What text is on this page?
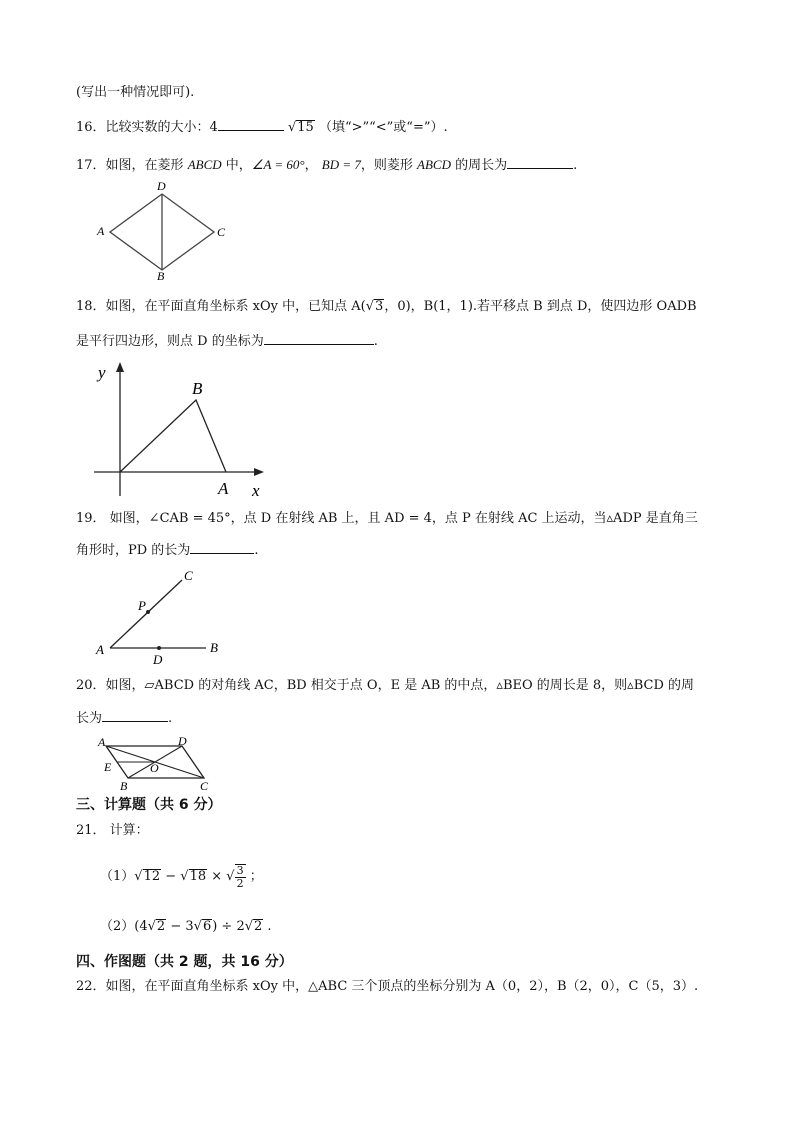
(写出一种情况即可).
16．比较实数的大小：4	√15 （填“>”“<”或“=”）.
17．如图，在菱形 ABCD 中，∠A = 60°， BD = 7，则菱形 ABCD 的周长为	.
A
D
C
B
18．如图，在平面直角坐标系 xOy 中，已知点 A(√3，0)，B(1，1).若平移点 B 到点 D，使四边形 OADB
是平行四边形，则点 D 的坐标为	.
y
B
A x
19． 如图，∠CAB = 45°，点 D 在射线 AB 上，且 AD = 4，点 P 在射线 AC 上运动，当▵ADP 是直角三
角形时，PD 的长为	.
C
P
A
D
B
20．如图，▱ABCD 的对角线 AC，BD 相交于点 O，E 是 AB 的中点，▵BEO 的周长是 8，则▵BCD 的周
长为	.
A	D
E	O
B	C
三、计算题（共 6 分）
21． 计算：
（1）√12 − √18 × √ $\frac{3}{2}$ ；
（2）(4√2 − 3√6) ÷ 2√2 .
四、作图题（共 2 题，共 16 分）
22．如图，在平面直角坐标系 xOy 中，△ABC 三个顶点的坐标分别为 A（0，2），B（2，0），C（5，3）.
